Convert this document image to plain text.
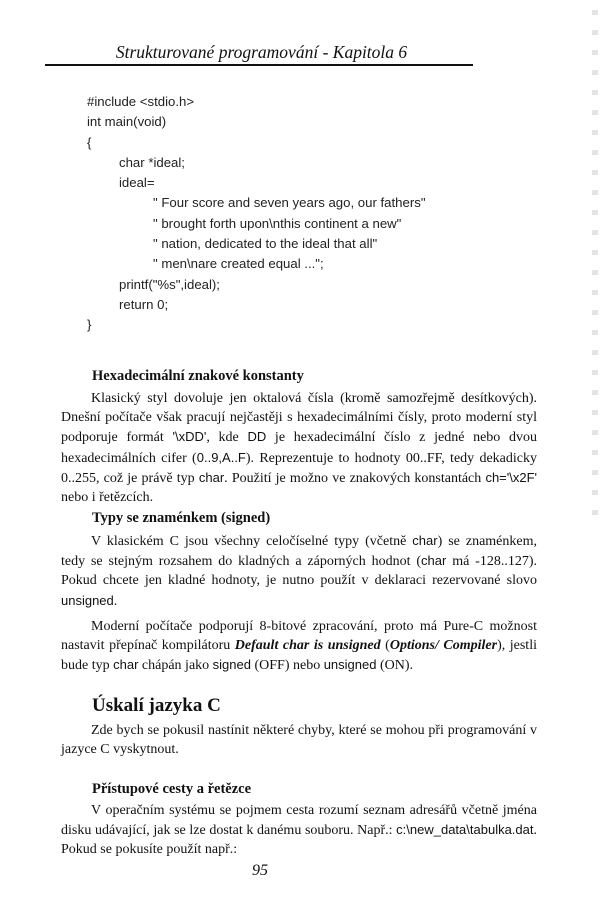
Strukturované programování - Kapitola 6
#include <stdio.h>
int main(void)
{
char *ideal;
ideal=
" Four score and seven years ago, our fathers"
" brought forth upon\nthis continent a new"
" nation, dedicated to the ideal that all"
" men\nare created equal ...";
printf("%s",ideal);
return 0;
}
Hexadecimální znakové konstanty

Klasický styl dovoluje jen oktalová čísla (kromě samozřejmě desítkových). Dnešní počítače však pracují nejčastěji s hexadecimálními čísly, proto moderní styl podporuje formát '\xDD', kde DD je hexadecimální číslo z jedné nebo dvou hexadecimálních cifer (0..9,A..F). Reprezentuje to hodnoty 00..FF, tedy dekadicky 0..255, což je právě typ char. Použití je možno ve znakových konstantách ch='\x2F' nebo i řetězcích.

Typy se znaménkem (signed)

V klasickém C jsou všechny celočíselné typy (včetně char) se znaménkem, tedy se stejným rozsahem do kladných a záporných hodnot (char má -128..127). Pokud chcete jen kladné hodnoty, je nutno použít v deklaraci rezervované slovo unsigned.

Moderní počítače podporují 8-bitové zpracování, proto má Pure-C možnost nastavit přepínač kompilátoru Default char is unsigned (Options/ Compiler), jestli bude typ char chápán jako signed (OFF) nebo unsigned (ON).

Úskalí jazyka C

Zde bych se pokusil nastínit některé chyby, které se mohou při programování v jazyce C vyskytnout.

Přístupové cesty a řetězce

V operačním systému se pojmem cesta rozumí seznam adresářů včetně jména disku udávající, jak se lze dostat k danému souboru. Např.: c:\new_data\tabulka.dat. Pokud se pokusíte použít např.:

95
